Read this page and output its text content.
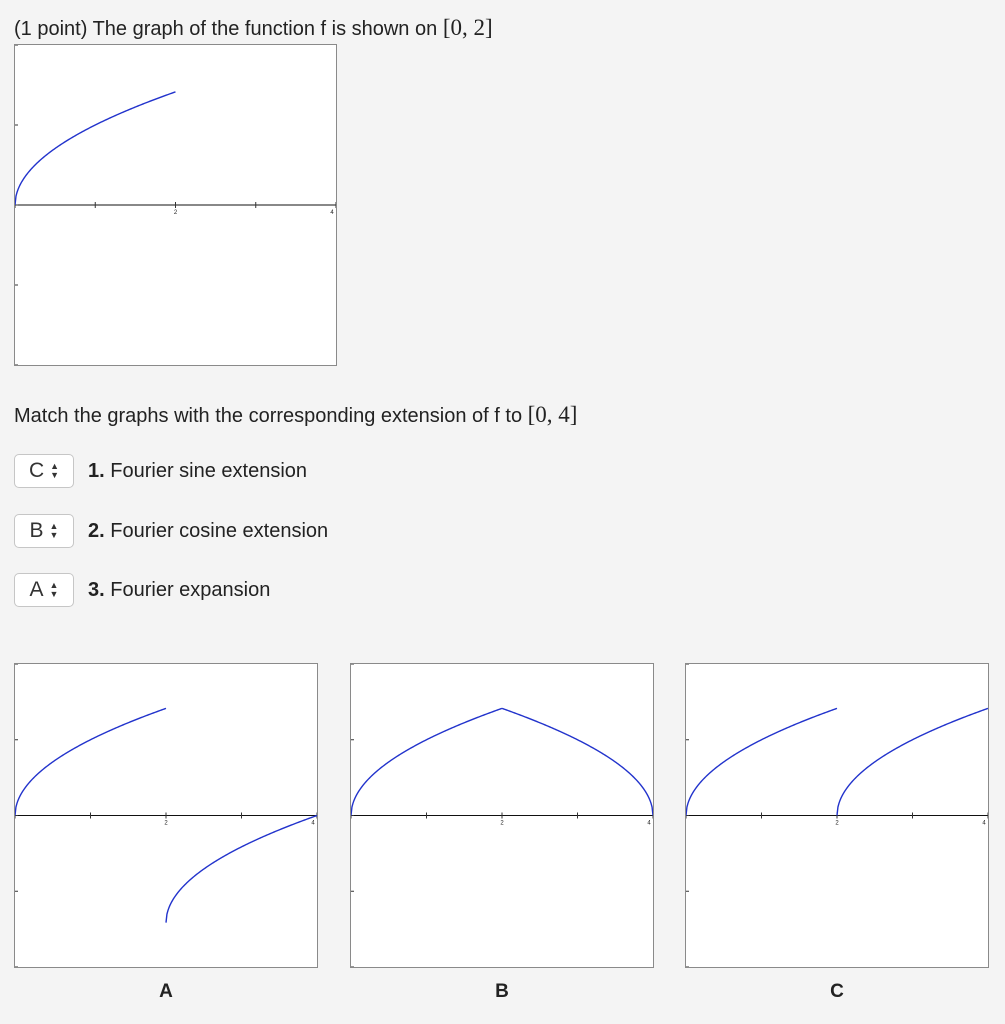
(1 point) The graph of the function f is shown on [0, 2]
2	4
Match the graphs with the corresponding extension of f to [0, 4]
C ▲
▼ 1. Fourier sine extension
B ▲
▼ 2. Fourier cosine extension
A ▲
▼ 3. Fourier expansion
2	4	2	4	2	4
A	B	C
